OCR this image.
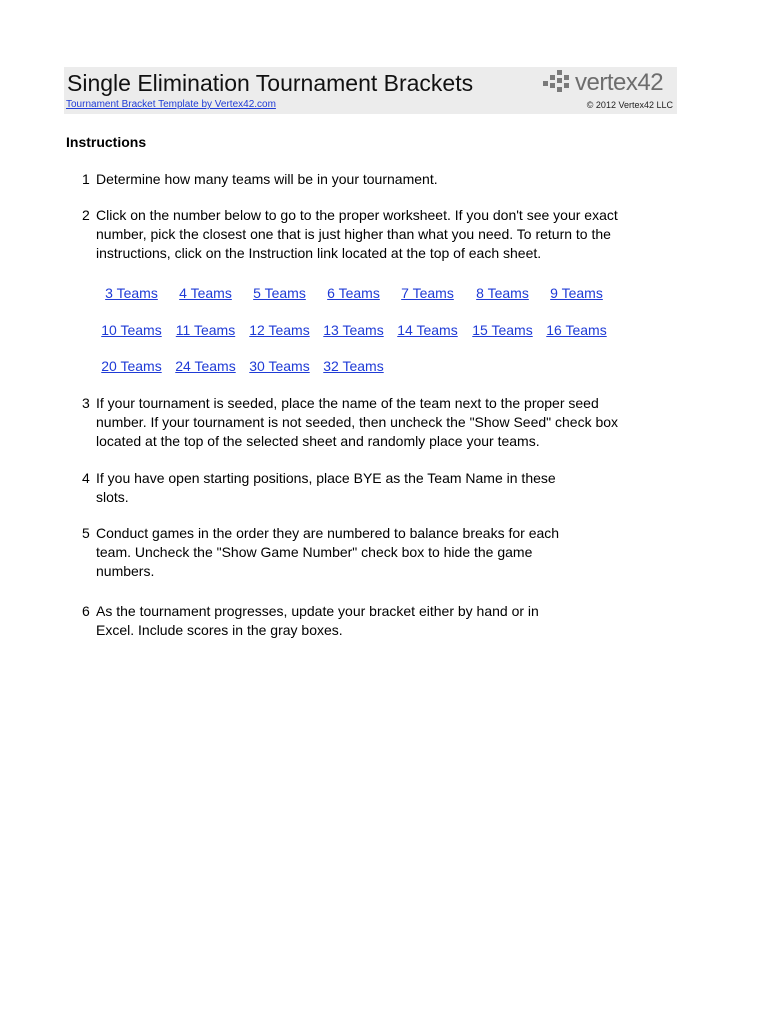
Single Elimination Tournament Brackets
Tournament Bracket Template by Vertex42.com
vertex42
© 2012 Vertex42 LLC
Instructions
1 Determine how many teams will be in your tournament.
2 Click on the number below to go to the proper worksheet. If you don't see your exact
number, pick the closest one that is just higher than what you need. To return to the
instructions, click on the Instruction link located at the top of each sheet.
3 Teams	4 Teams	5 Teams	6 Teams	7 Teams	8 Teams	9 Teams
10 Teams	11 Teams	12 Teams 13 Teams 14 Teams	15 Teams 16 Teams
20 Teams 24 Teams 30 Teams 32 Teams
3 If your tournament is seeded, place the name of the team next to the proper seed
number. If your tournament is not seeded, then uncheck the "Show Seed" check box
located at the top of the selected sheet and randomly place your teams.
4 If you have open starting positions, place BYE as the Team Name in these
slots.
5 Conduct games in the order they are numbered to balance breaks for each
team. Uncheck the "Show Game Number" check box to hide the game
numbers.
6 As the tournament progresses, update your bracket either by hand or in
Excel. Include scores in the gray boxes.
